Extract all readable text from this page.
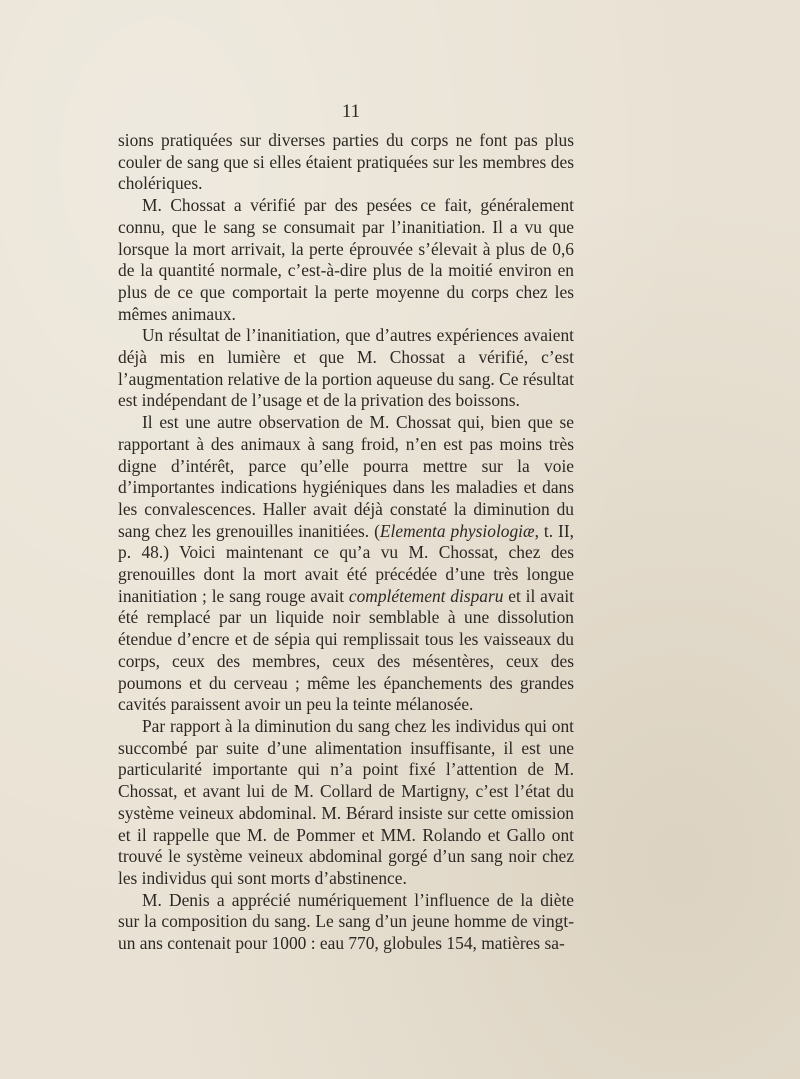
11

sions pratiquées sur diverses parties du corps ne font pas plus couler de sang que si elles étaient pratiquées sur les membres des cholériques.

M. Chossat a vérifié par des pesées ce fait, généralement connu, que le sang se consumait par l’inanitiation. Il a vu que lorsque la mort arrivait, la perte éprouvée s’élevait à plus de 0,6 de la quantité normale, c’est-à-dire plus de la moitié environ en plus de ce que comportait la perte moyenne du corps chez les mêmes animaux.

Un résultat de l’inanitiation, que d’autres expériences avaient déjà mis en lumière et que M. Chossat a vérifié, c’est l’augmentation relative de la portion aqueuse du sang. Ce résultat est indépendant de l’usage et de la privation des boissons.

Il est une autre observation de M. Chossat qui, bien que se rapportant à des animaux à sang froid, n’en est pas moins très digne d’intérêt, parce qu’elle pourra mettre sur la voie d’importantes indications hygiéniques dans les maladies et dans les convalescences. Haller avait déjà constaté la diminution du sang chez les grenouilles inanitiées. (Elementa physiologiæ, t. II, p. 48.) Voici maintenant ce qu’a vu M. Chossat, chez des grenouilles dont la mort avait été précédée d’une très longue inanitiation ; le sang rouge avait complétement disparu et il avait été remplacé par un liquide noir semblable à une dissolution étendue d’encre et de sépia qui remplissait tous les vaisseaux du corps, ceux des membres, ceux des mésentères, ceux des poumons et du cerveau ; même les épanchements des grandes cavités paraissent avoir un peu la teinte mélanosée.

Par rapport à la diminution du sang chez les individus qui ont succombé par suite d’une alimentation insuffisante, il est une particularité importante qui n’a point fixé l’attention de M. Chossat, et avant lui de M. Collard de Martigny, c’est l’état du système veineux abdominal. M. Bérard insiste sur cette omission et il rappelle que M. de Pommer et MM. Rolando et Gallo ont trouvé le système veineux abdominal gorgé d’un sang noir chez les individus qui sont morts d’abstinence.

M. Denis a apprécié numériquement l’influence de la diète sur la composition du sang. Le sang d’un jeune homme de vingt-un ans contenait pour 1000 : eau 770, globules 154, matières sa-
